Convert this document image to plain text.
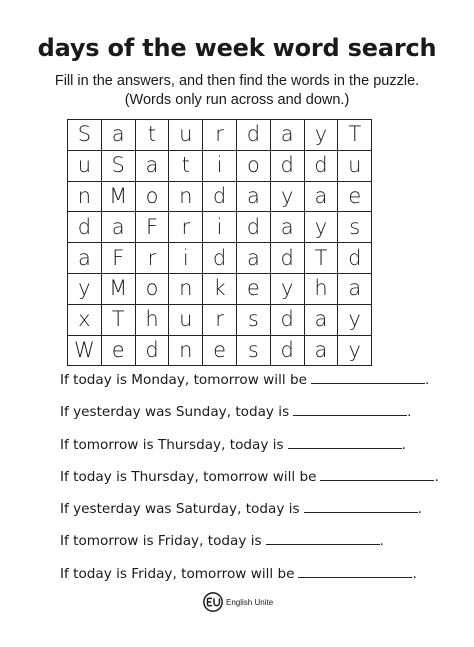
days of the week word search
Fill in the answers, and then find the words in the puzzle.
(Words only run across and down.)
S	a	t	u	r	d	a	y	T
u	S	a	t	i	o	d	d	u
n	M	o	n	d	a	y	a	e
d	a	F	r	i	d	a	y	s
a	F	r	i	d	a	d	T	d
y	M	o	n	k	e	y	h	a
x	T	h	u	r	s	d	a	y
W	e	d	n	e	s	d	a	y
If today is Monday, tomorrow will be	.
If yesterday was Sunday, today is	.
If tomorrow is Thursday, today is	.
If today is Thursday, tomorrow will be	.
If yesterday was Saturday, today is	.
If tomorrow is Friday, today is	.
If today is Friday, tomorrow will be	.
English Unite
